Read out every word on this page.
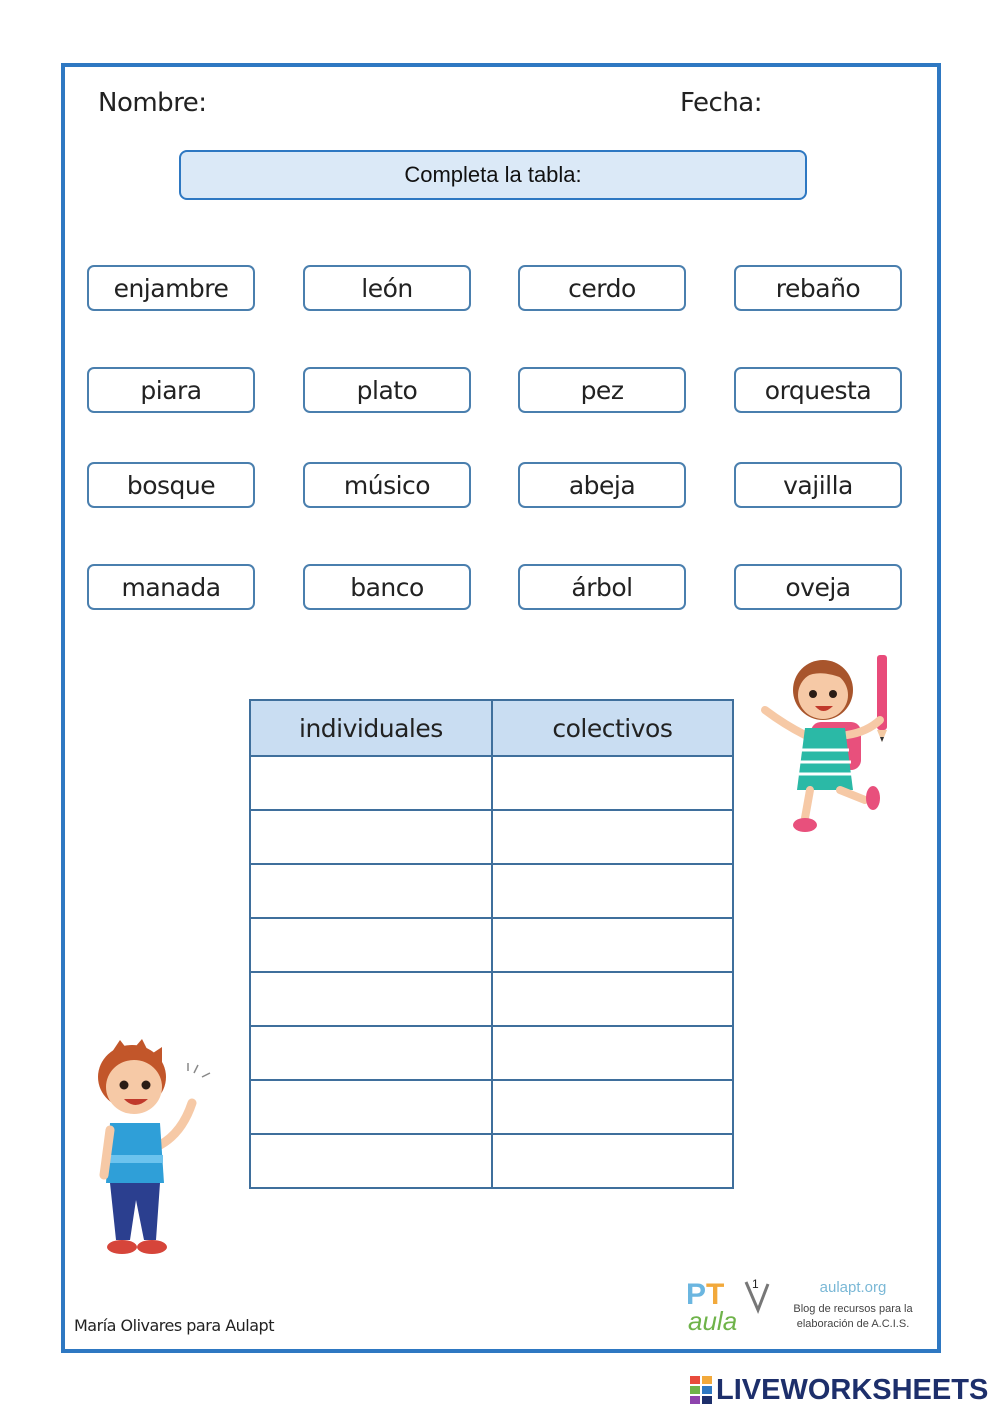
Nombre:	Fecha:
Completa la tabla:
enjambre	león	cerdo	rebaño
piara	plato	pez	orquesta
bosque	músico	abeja	vajilla
manada	banco	árbol	oveja
individuales	colectivos

María Olivares para Aulapt
P T
aula
1	aulapt.org
Blog de recursos para la
elaboración de A.C.I.S.
LIVEWORKSHEETS
